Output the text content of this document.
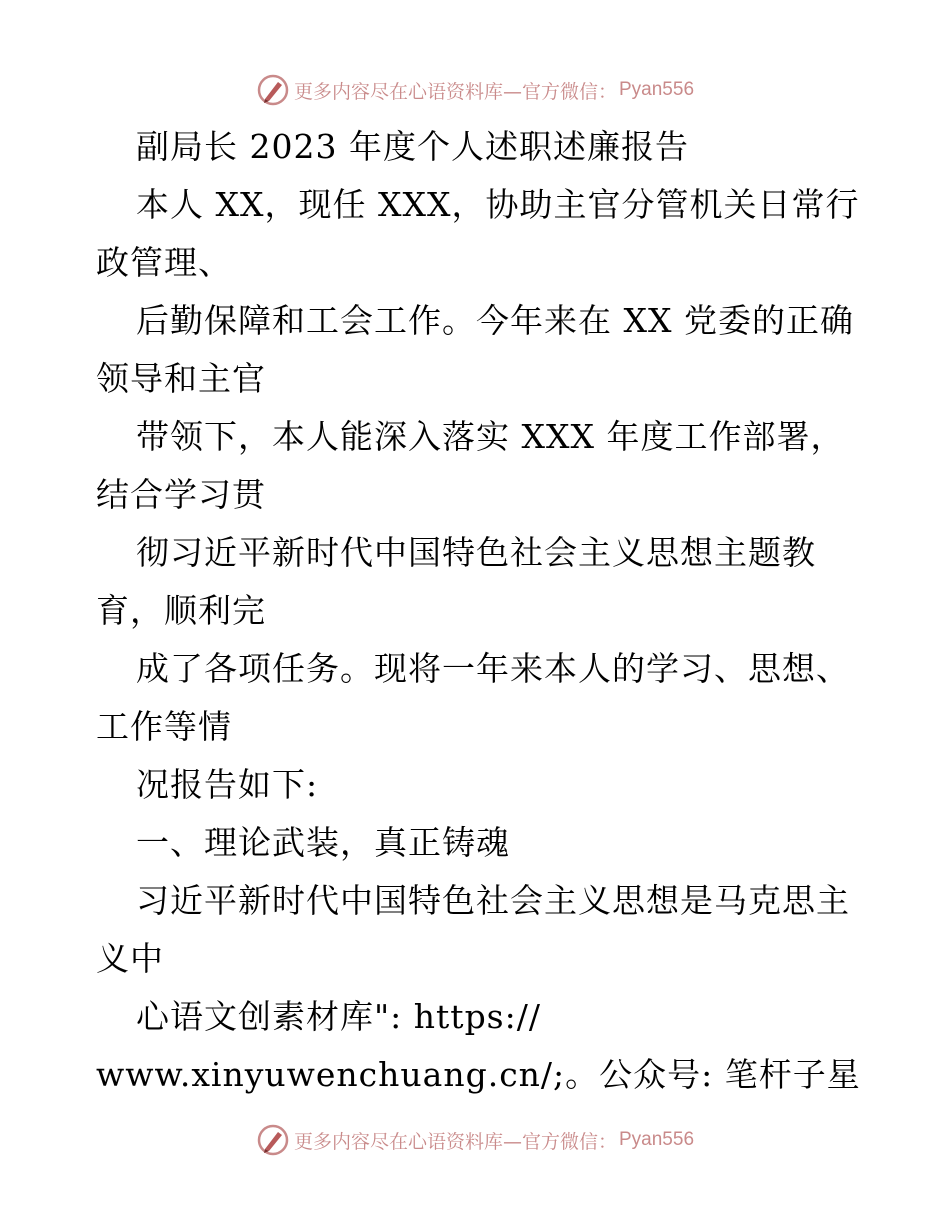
更多内容尽在心语资料库—官方微信： Pyan556
副局长 2023 年度个人述职述廉报告
本人 XX，现任 XXX，协助主官分管机关日常行
政管理、
后勤保障和工会工作。今年来在 XX 党委的正确
领导和主官
带领下，本人能深入落实 XXX 年度工作部署，
结合学习贯
彻习近平新时代中国特色社会主义思想主题教
育，顺利完
成了各项任务。现将一年来本人的学习、思想、
工作等情
况报告如下:
一、理论武装，真正铸魂
习近平新时代中国特色社会主义思想是马克思主
义中
心语文创素材库": https://
www.xinyuwenchuang.cn/;。公众号: 笔杆子星
更多内容尽在心语资料库—官方微信： Pyan556
